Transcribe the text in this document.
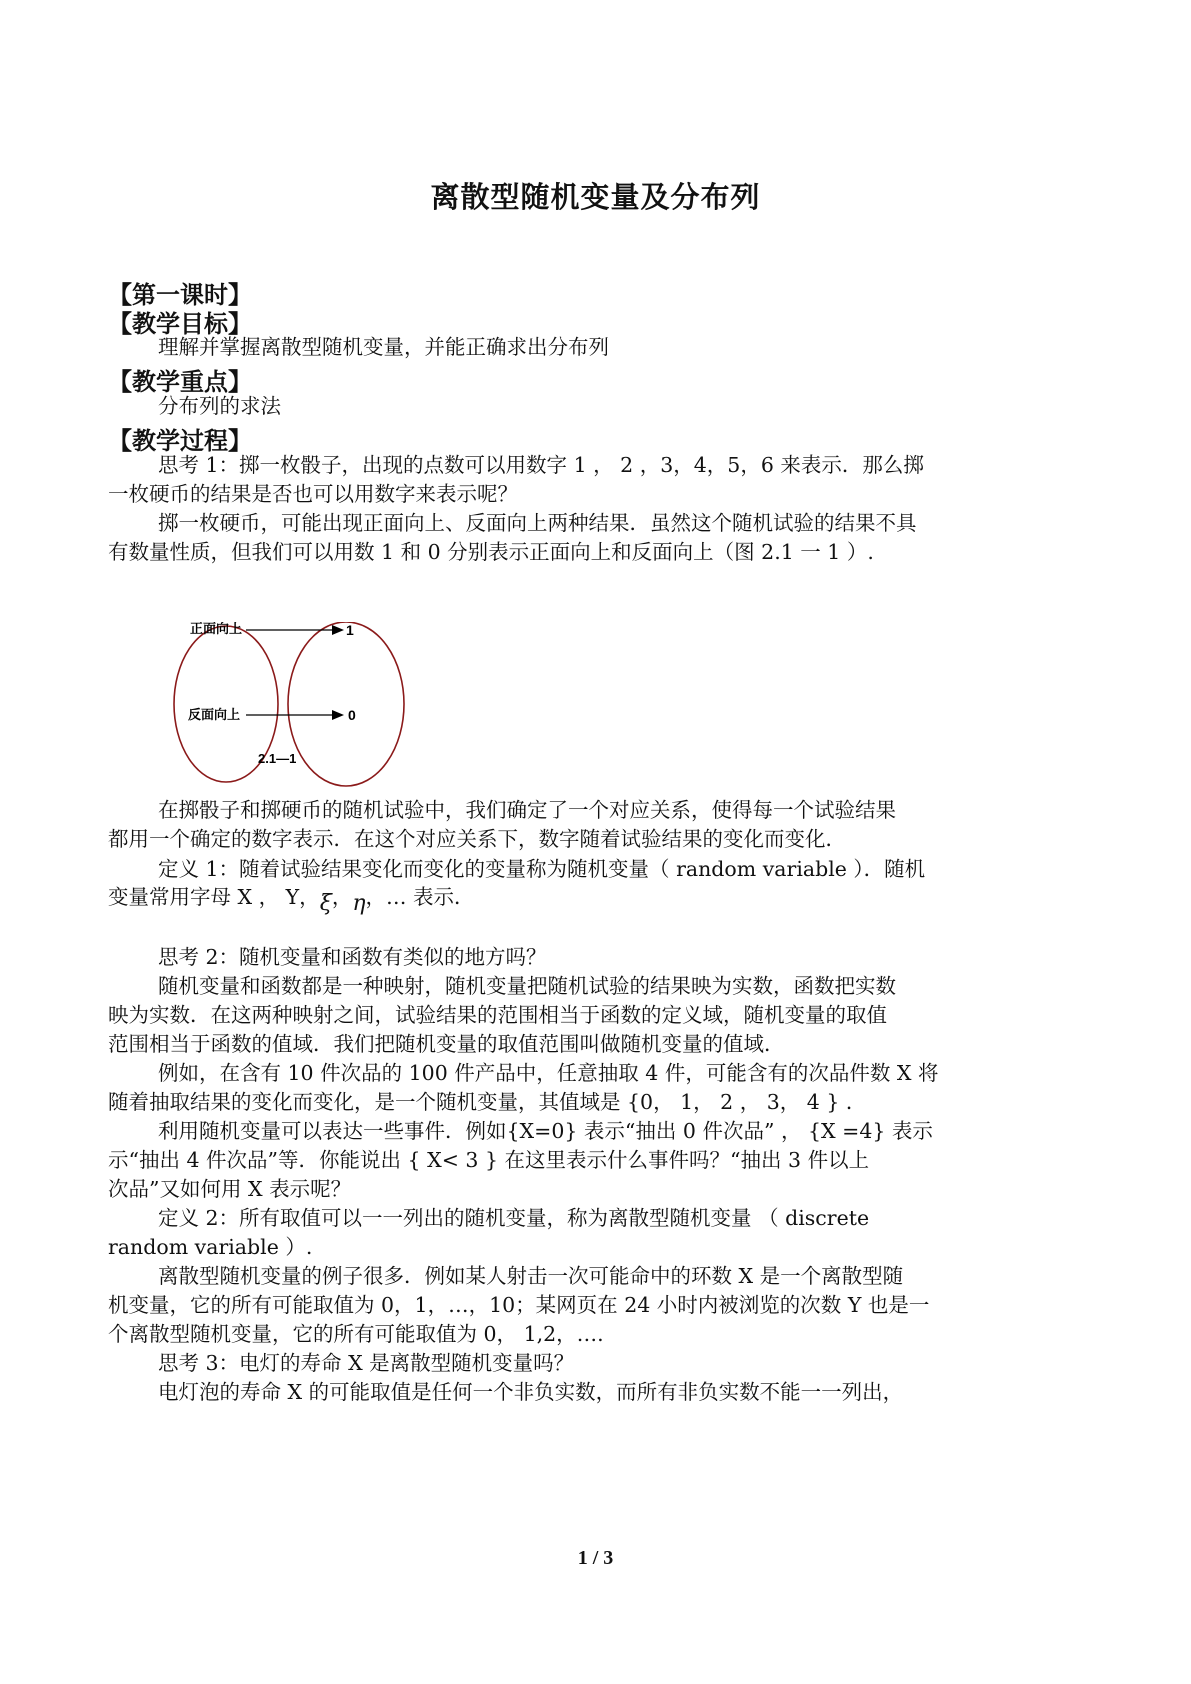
离散型随机变量及分布列
【第一课时】
【教学目标】
理解并掌握离散型随机变量，并能正确求出分布列
【教学重点】
分布列的求法
【教学过程】
思考 1：掷一枚骰子，出现的点数可以用数字 1 ， 2 ，3，4，5，6 来表示．那么掷
一枚硬币的结果是否也可以用数字来表示呢？
掷一枚硬币，可能出现正面向上、反面向上两种结果．虽然这个随机试验的结果不具
有数量性质，但我们可以用数 1 和 0 分别表示正面向上和反面向上（图 2.1 一 1 ）.
正面向上	1
反面向上	0
2.1—1
在掷骰子和掷硬币的随机试验中，我们确定了一个对应关系，使得每一个试验结果
都用一个确定的数字表示．在这个对应关系下，数字随着试验结果的变化而变化．
定义 1：随着试验结果变化而变化的变量称为随机变量（ random variable ）．随机
变量常用字母 X ， Y，ξ，η，… 表示．
思考 2：随机变量和函数有类似的地方吗？
随机变量和函数都是一种映射，随机变量把随机试验的结果映为实数，函数把实数
映为实数．在这两种映射之间，试验结果的范围相当于函数的定义域，随机变量的取值
范围相当于函数的值域．我们把随机变量的取值范围叫做随机变量的值域．
例如，在含有 10 件次品的 100 件产品中，任意抽取 4 件，可能含有的次品件数 X 将
随着抽取结果的变化而变化，是一个随机变量，其值域是 {0， 1， 2 ， 3， 4 } ．
利用随机变量可以表达一些事件．例如{X=0} 表示“抽出 0 件次品” ， {X =4} 表示
示“抽出 4 件次品”等．你能说出 { X< 3 } 在这里表示什么事件吗？“抽出 3 件以上
次品”又如何用 X 表示呢？
定义 2：所有取值可以一一列出的随机变量，称为离散型随机变量 （ discrete
random variable ）.
离散型随机变量的例子很多．例如某人射击一次可能命中的环数 X 是一个离散型随
机变量，它的所有可能取值为 0，1，…，10；某网页在 24 小时内被浏览的次数 Y 也是一
个离散型随机变量，它的所有可能取值为 0， 1,2，….
思考 3：电灯的寿命 X 是离散型随机变量吗？
电灯泡的寿命 X 的可能取值是任何一个非负实数，而所有非负实数不能一一列出，
1 / 3
